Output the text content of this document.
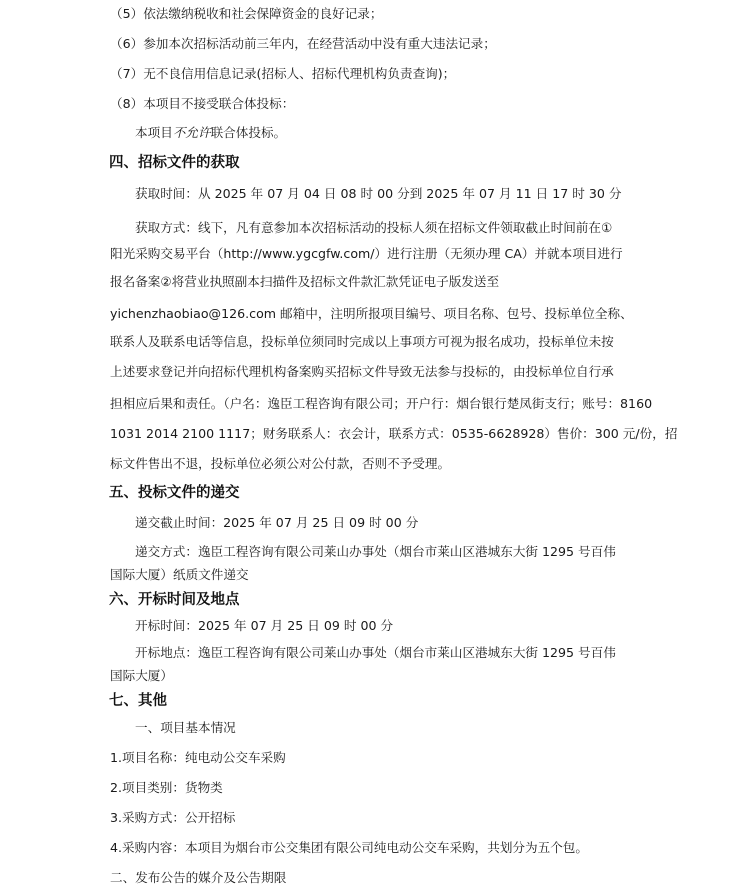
（5）依法缴纳税收和社会保障资金的良好记录；
（6）参加本次招标活动前三年内，在经营活动中没有重大违法记录；
（7）无不良信用信息记录(招标人、招标代理机构负责查询)；
（8）本项目不接受联合体投标：
本项目不允许联合体投标。
四、招标文件的获取
获取时间：从 2025 年 07 月 04 日 08 时 00 分到 2025 年 07 月 11 日 17 时 30 分
获取方式：线下，凡有意参加本次招标活动的投标人须在招标文件领取截止时间前在①
阳光采购交易平台（http://www.ygcgfw.com/）进行注册（无须办理 CA）并就本项目进行
报名备案②将营业执照副本扫描件及招标文件款汇款凭证电子版发送至
yichenzhaobiao@126.com 邮箱中，注明所报项目编号、项目名称、包号、投标单位全称、
联系人及联系电话等信息，投标单位须同时完成以上事项方可视为报名成功，投标单位未按
上述要求登记并向招标代理机构备案购买招标文件导致无法参与投标的，由投标单位自行承
担相应后果和责任。（户名：逸臣工程咨询有限公司；开户行：烟台银行楚凤街支行；账号：8160
1031 2014 2100 1117；财务联系人：衣会计，联系方式：0535-6628928）售价：300 元/份，招
标文件售出不退，投标单位必须公对公付款，否则不予受理。
五、投标文件的递交
递交截止时间：2025 年 07 月 25 日 09 时 00 分
递交方式：逸臣工程咨询有限公司莱山办事处（烟台市莱山区港城东大街 1295 号百伟
国际大厦）纸质文件递交
六、开标时间及地点
开标时间：2025 年 07 月 25 日 09 时 00 分
开标地点：逸臣工程咨询有限公司莱山办事处（烟台市莱山区港城东大街 1295 号百伟
国际大厦）
七、其他
一、项目基本情况
1.项目名称：纯电动公交车采购
2.项目类别：货物类
3.采购方式：公开招标
4.采购内容：本项目为烟台市公交集团有限公司纯电动公交车采购，共划分为五个包。
二、发布公告的媒介及公告期限
